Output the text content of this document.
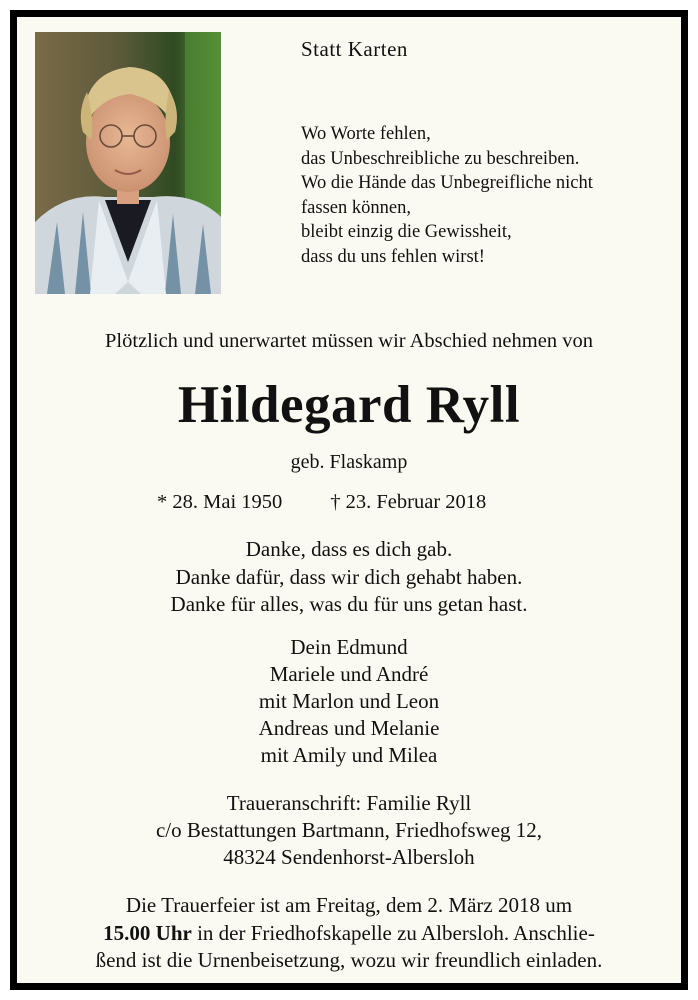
Statt Karten
Wo Worte fehlen,
das Unbeschreibliche zu beschreiben.
Wo die Hände das Unbegreifliche nicht
fassen können,
bleibt einzig die Gewissheit,
dass du uns fehlen wirst!
Plötzlich und unerwartet müssen wir Abschied nehmen von
Hildegard Ryll
geb. Flaskamp
* 28. Mai 1950 † 23. Februar 2018
Danke, dass es dich gab.
Danke dafür, dass wir dich gehabt haben.
Danke für alles, was du für uns getan hast.
Dein Edmund
Mariele und André
mit Marlon und Leon
Andreas und Melanie
mit Amily und Milea
Traueranschrift: Familie Ryll
c/o Bestattungen Bartmann, Friedhofsweg 12,
48324 Sendenhorst-Albersloh
Die Trauerfeier ist am Freitag, dem 2. März 2018 um
15.00 Uhr in der Friedhofskapelle zu Albersloh. Anschlie-
ßend ist die Urnenbeisetzung, wozu wir freundlich einladen.
